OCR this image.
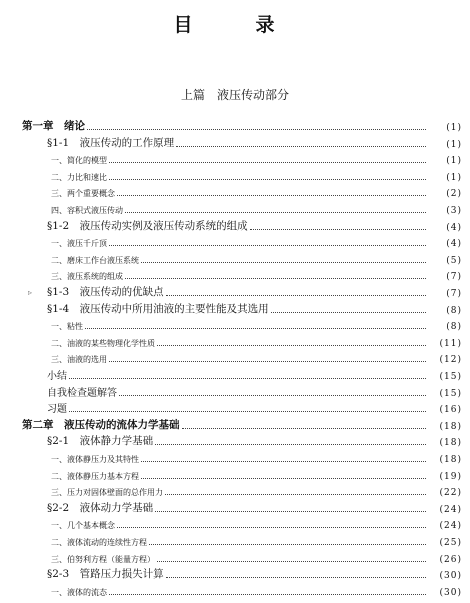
目　录
上篇　液压传动部分
第一章　绪论	(1)
§1-1　液压传动的工作原理	(1)
一、简化的模型	(1)
二、力比和速比	(1)
三、两个重要概念	(2)
四、容积式液压传动	(3)
§1-2　液压传动实例及液压传动系统的组成	(4)
一、液压千斤顶	(4)
二、磨床工作台液压系统	(5)
三、液压系统的组成	(7)
▹	§1-3　液压传动的优缺点	(7)
§1-4　液压传动中所用油液的主要性能及其选用	(8)
一、粘性	(8)
二、油液的某些物理化学性质	(11)
三、油液的选用	(12)
小结	(15)
自我检查题解答	(15)
习题	(16)
第二章　液压传动的流体力学基础	(18)
§2-1　液体静力学基础	(18)
一、液体静压力及其特性	(18)
二、液体静压力基本方程	(19)
三、压力对固体壁面的总作用力	(22)
§2-2　液体动力学基础	(24)
一、几个基本概念	(24)
二、液体流动的连续性方程	(25)
三、伯努利方程（能量方程）	(26)
§2-3　管路压力损失计算	(30)
一、液体的流态	(30)
